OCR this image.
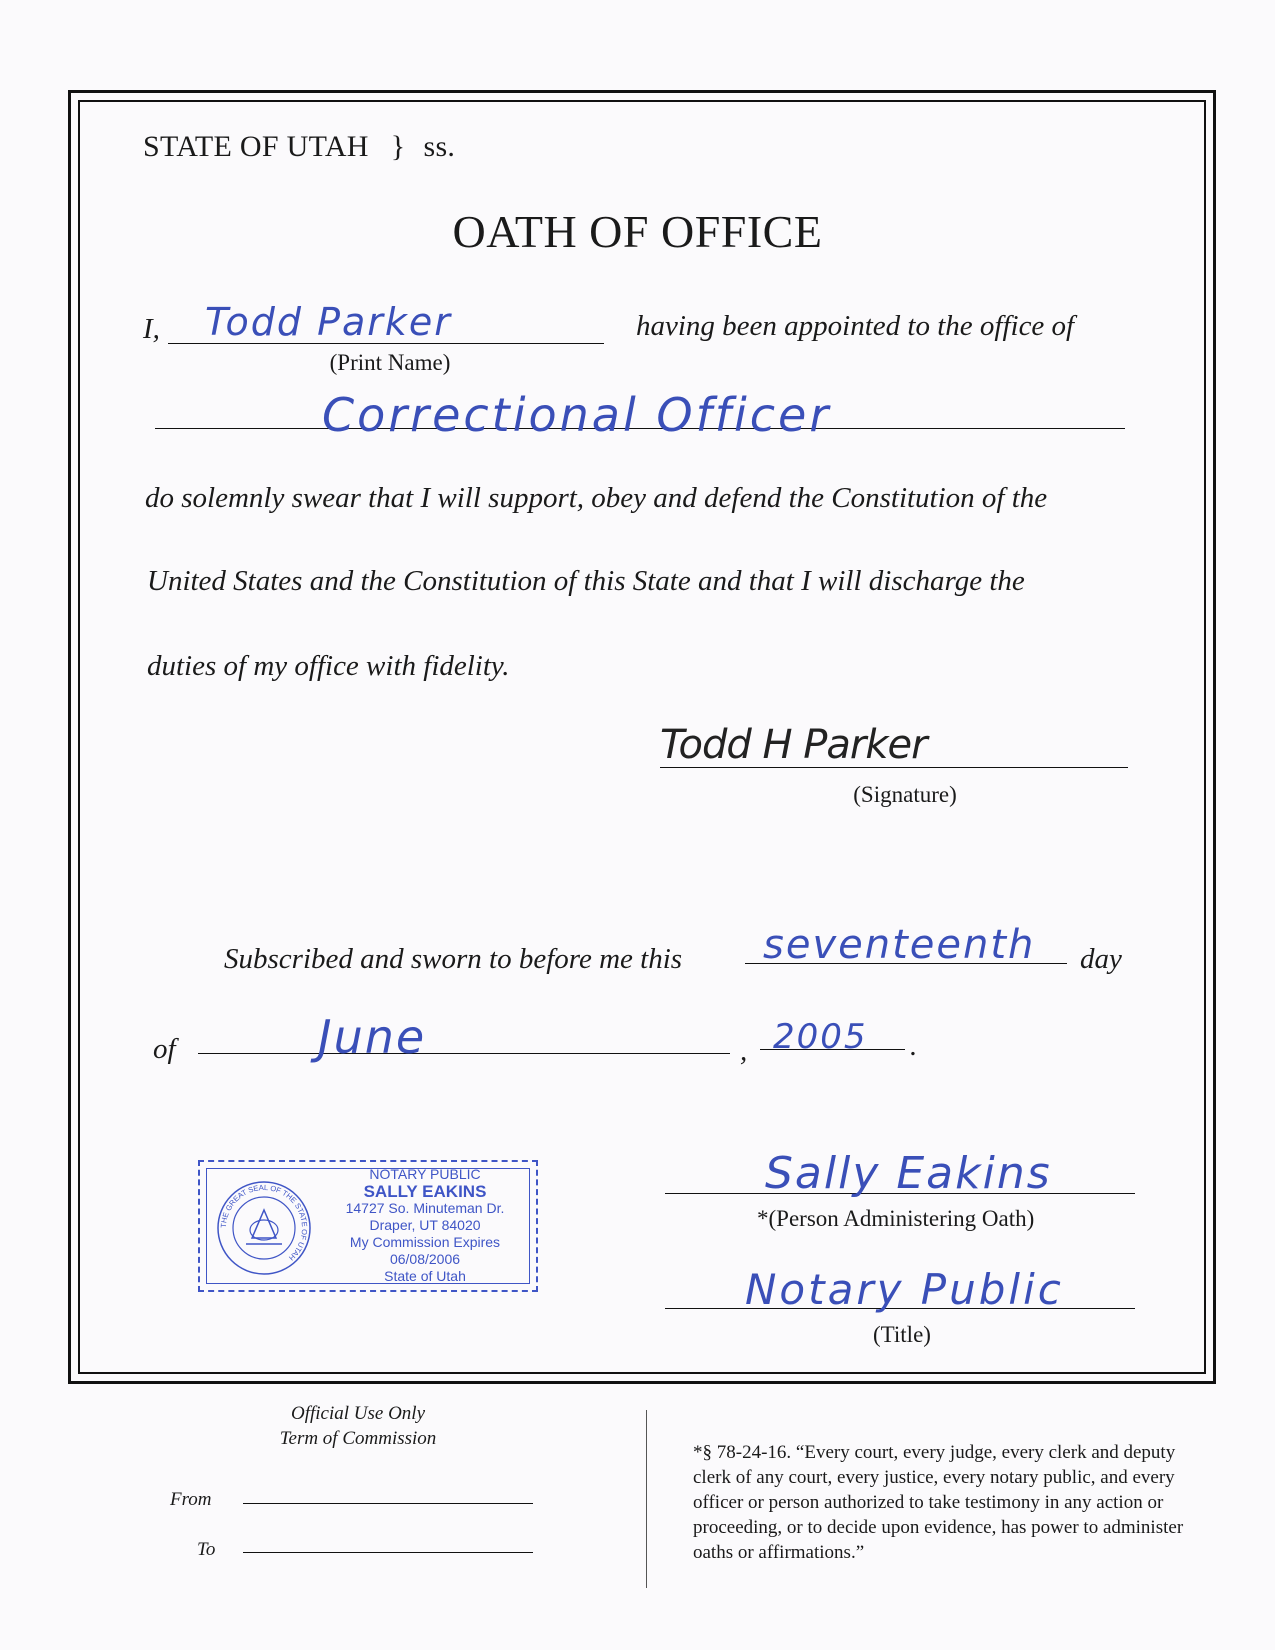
STATE OF UTAH } ss.
OATH OF OFFICE
I, Todd Parker
(Print Name)
having been appointed to the office of
Correctional Officer
do solemnly swear that I will support, obey and defend the Constitution of the
United States and the Constitution of this State and that I will discharge the
duties of my office with fidelity.
Todd H Parker
(Signature)
Subscribed and sworn to before me this seventeenth day
of	June	, 2005 .
THE GREAT SEAL OF THE STATE OF UTAH
NOTARY PUBLIC
SALLY EAKINS
14727 So. Minuteman Dr.
Draper, UT 84020
My Commission Expires 06/08/2006
State of Utah
Sally Eakins
*(Person Administering Oath)
Notary Public
(Title)
Official Use Only
Term of Commission
From
To
*§ 78-24-16. “Every court, every judge, every clerk and deputy clerk of any court, every justice, every notary public, and every officer or person authorized to take testimony in any action or proceeding, or to decide upon evidence, has power to administer oaths or affirmations.”
